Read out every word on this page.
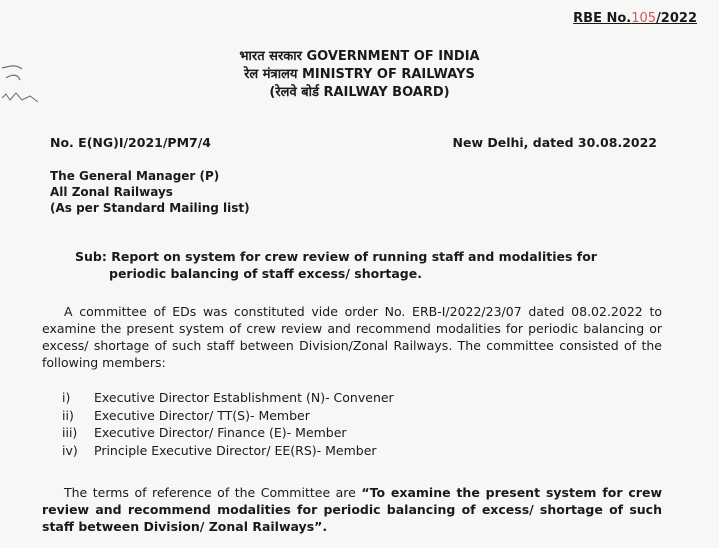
RBE No.105/2022
भारत सरकार GOVERNMENT OF INDIA
रेल मंत्रालय MINISTRY OF RAILWAYS
(रेलवे बोर्ड RAILWAY BOARD)
No. E(NG)I/2021/PM7/4	New Delhi, dated 30.08.2022
The General Manager (P)
All Zonal Railways
(As per Standard Mailing list)
Sub: Report on system for crew review of running staff and modalities for
periodic balancing of staff excess/ shortage.
A committee of EDs was constituted vide order No. ERB-I/2022/23/07 dated 08.02.2022 to examine the present system of crew review and recommend modalities for periodic balancing or excess/ shortage of such staff between Division/Zonal Railways. The committee consisted of the following members:
i) Executive Director Establishment (N)- Convener
ii) Executive Director/ TT(S)- Member
iii) Executive Director/ Finance (E)- Member
iv) Principle Executive Director/ EE(RS)- Member
The terms of reference of the Committee are “To examine the present system for crew review and recommend modalities for periodic balancing of excess/ shortage of such staff between Division/ Zonal Railways”.
